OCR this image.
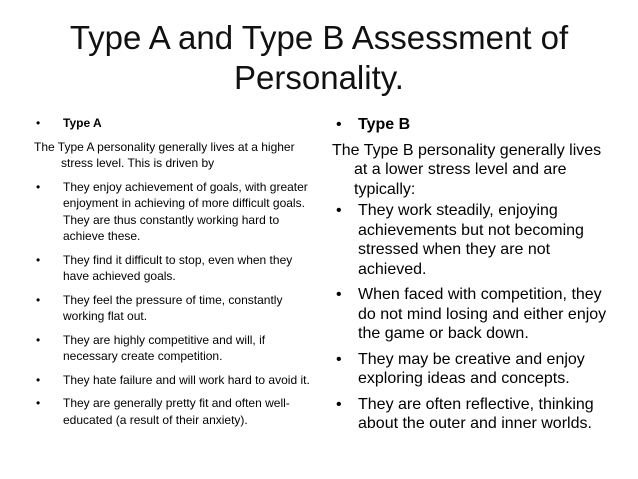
Type A and Type B Assessment of Personality.
•	Type A
The Type A personality generally lives at a higher stress level. This is driven by
•	They enjoy achievement of goals, with greater enjoyment in achieving of more difficult goals. They are thus constantly working hard to achieve these.
•	They find it difficult to stop, even when they have achieved goals.
•	They feel the pressure of time, constantly working flat out.
•	They are highly competitive and will, if necessary create competition.
•	They hate failure and will work hard to avoid it.
•	They are generally pretty fit and often well-educated (a result of their anxiety).
•	Type B
The Type B personality generally lives at a lower stress level and are typically:
•	They work steadily, enjoying achievements but not becoming stressed when they are not achieved.
•	When faced with competition, they do not mind losing and either enjoy the game or back down.
•	They may be creative and enjoy exploring ideas and concepts.
•	They are often reflective, thinking about the outer and inner worlds.
